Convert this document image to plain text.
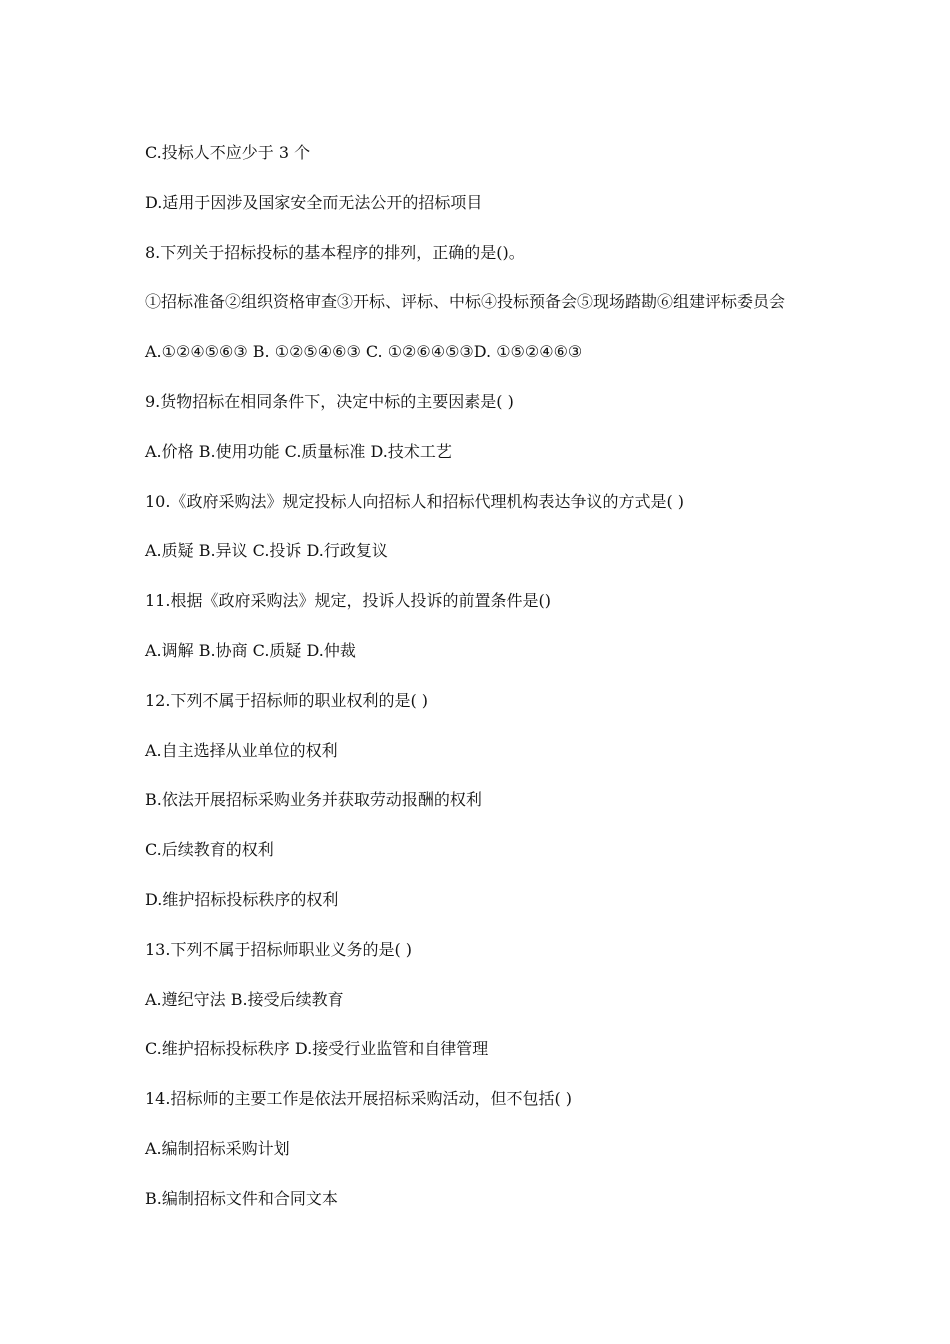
C.投标人不应少于 3 个
D.适用于因涉及国家安全而无法公开的招标项目
8.下列关于招标投标的基本程序的排列，正确的是()。
①招标准备②组织资格审查③开标、评标、中标④投标预备会⑤现场踏勘⑥组建评标委员会
A.①②④⑤⑥③ B. ①②⑤④⑥③ C. ①②⑥④⑤③D. ①⑤②④⑥③
9.货物招标在相同条件下，决定中标的主要因素是( )
A.价格 B.使用功能 C.质量标准 D.技术工艺
10.《政府采购法》规定投标人向招标人和招标代理机构表达争议的方式是( )
A.质疑 B.异议 C.投诉 D.行政复议
11.根据《政府采购法》规定，投诉人投诉的前置条件是()
A.调解 B.协商 C.质疑 D.仲裁
12.下列不属于招标师的职业权利的是( )
A.自主选择从业单位的权利
B.依法开展招标采购业务并获取劳动报酬的权利
C.后续教育的权利
D.维护招标投标秩序的权利
13.下列不属于招标师职业义务的是( )
A.遵纪守法 B.接受后续教育
C.维护招标投标秩序 D.接受行业监管和自律管理
14.招标师的主要工作是依法开展招标采购活动，但不包括( )
A.编制招标采购计划
B.编制招标文件和合同文本
